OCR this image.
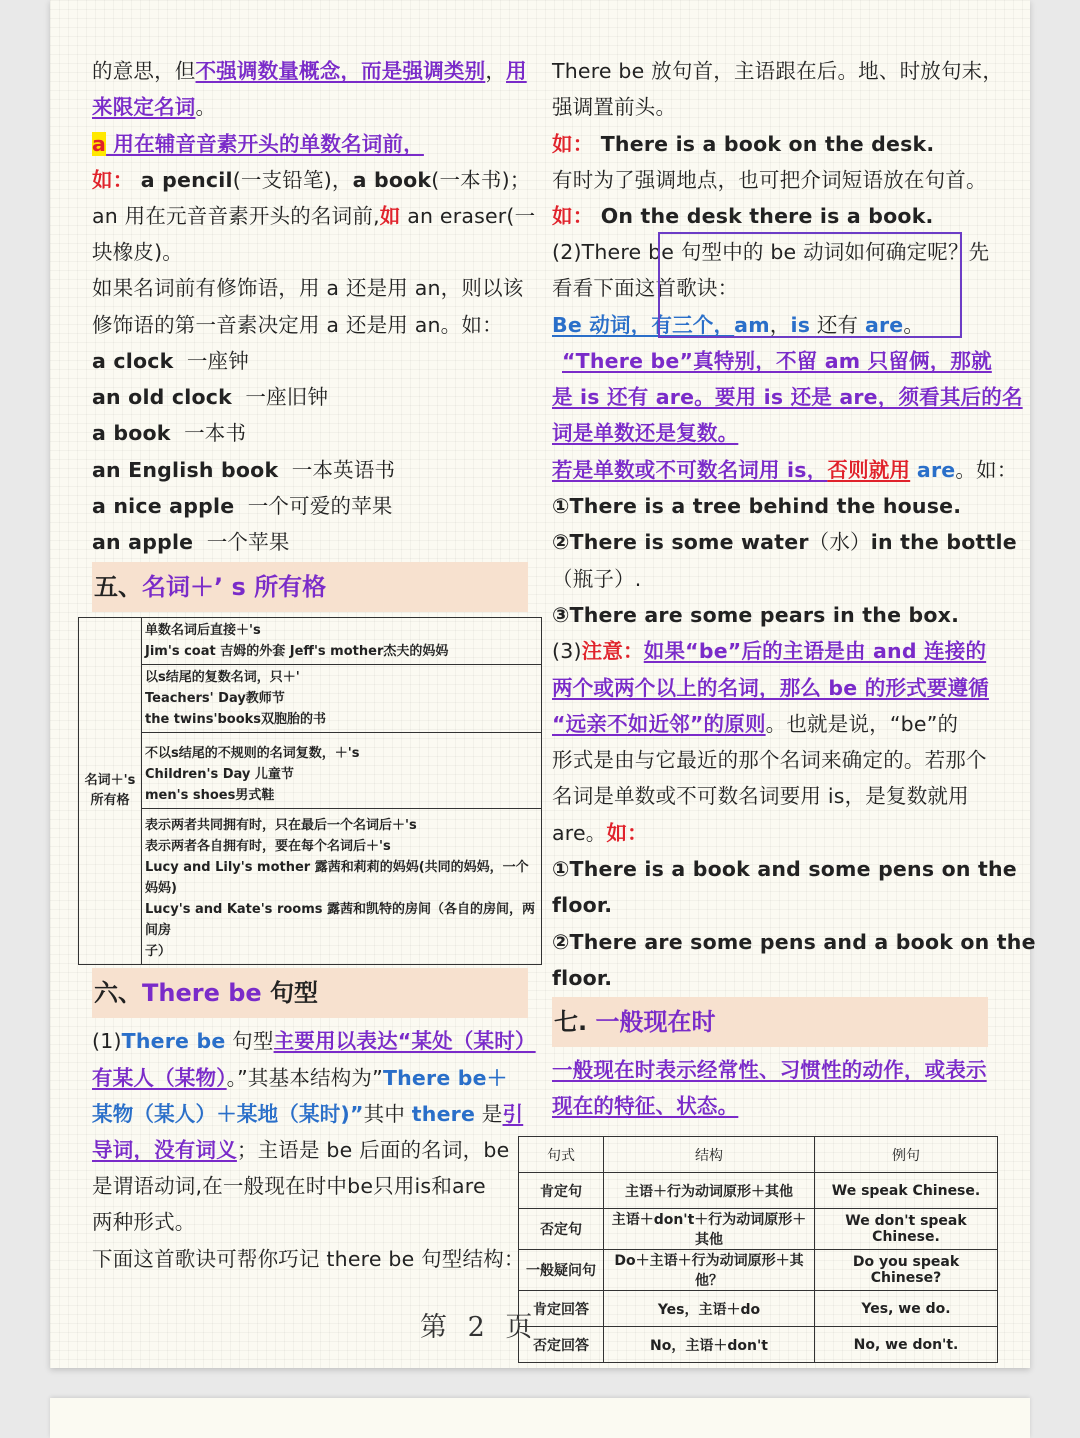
的意思，但不强调数量概念，而是强调类别，用
来限定名词。
a 用在辅音音素开头的单数名词前，
如： a pencil(一支铅笔)，a book(一本书)；
an 用在元音音素开头的名词前,如 an eraser(一
块橡皮)。
如果名词前有修饰语，用 a 还是用 an，则以该
修饰语的第一音素决定用 a 还是用 an。如：
a clock 一座钟
an old clock 一座旧钟
a book 一本书
an English book 一本英语书
a nice apple 一个可爱的苹果
an apple 一个苹果
五、名词＋’ s 所有格
六、There be 句型
(1)There be 句型主要用以表达“某处（某时）
有某人（某物）。”其基本结构为”There be＋
某物（某人）＋某地（某时)”其中 there 是引
导词，没有词义；主语是 be 后面的名词，be
是谓语动词,在一般现在时中be只用is和are
两种形式。
下面这首歌诀可帮你巧记 there be 句型结构：
名词＋'s所有格	
单数名词后直接＋'s
Jim's coat 吉姆的外套 Jeff's mother杰夫的妈妈

以s结尾的复数名词，只＋'
Teachers' Day教师节
the twins'books双胞胎的书

不以s结尾的不规则的名词复数，＋'s
Children's Day 儿童节
men's shoes男式鞋

表示两者共同拥有时，只在最后一个名词后＋'s
表示两者各自拥有时，要在每个名词后＋'s
Lucy and Lily's mother 露茜和莉莉的妈妈(共同的妈妈，一个妈妈)
Lucy's and Kate's rooms 露茜和凯特的房间（各自的房间，两间房
子）
There be 放句首，主语跟在后。地、时放句末，
强调置前头。
如： There is a book on the desk.
有时为了强调地点，也可把介词短语放在句首。
如： On the desk there is a book.
(2)There be 句型中的 be 动词如何确定呢？先
看看下面这首歌诀：
Be 动词，有三个，am，is 还有 are。
“There be”真特别，不留 am 只留俩，那就
是 is 还有 are。要用 is 还是 are，须看其后的名
词是单数还是复数。
若是单数或不可数名词用 is，否则就用 are。如：
①There is a tree behind the house.
②There is some water（水）in the bottle
（瓶子）.
③There are some pears in the box.
(3)注意：如果“be”后的主语是由 and 连接的
两个或两个以上的名词，那么 be 的形式要遵循
“远亲不如近邻”的原则。也就是说，“be”的
形式是由与它最近的那个名词来确定的。若那个
名词是单数或不可数名词要用 is，是复数就用
are。如：
①There is a book and some pens on the
floor.
②There are some pens and a book on the
floor.
七. 一般现在时
一般现在时表示经常性、习惯性的动作，或表示
现在的特征、状态。
句式	结构	例句
肯定句	主语＋行为动词原形＋其他	We speak Chinese.
否定句	主语＋don't＋行为动词原形＋其他	We don't speak Chinese.
一般疑问句	Do＋主语＋行为动词原形＋其他？	Do you speak Chinese?
肯定回答	Yes，主语＋do	Yes, we do.
否定回答	No，主语＋don't	No, we don't.
第 2 页
